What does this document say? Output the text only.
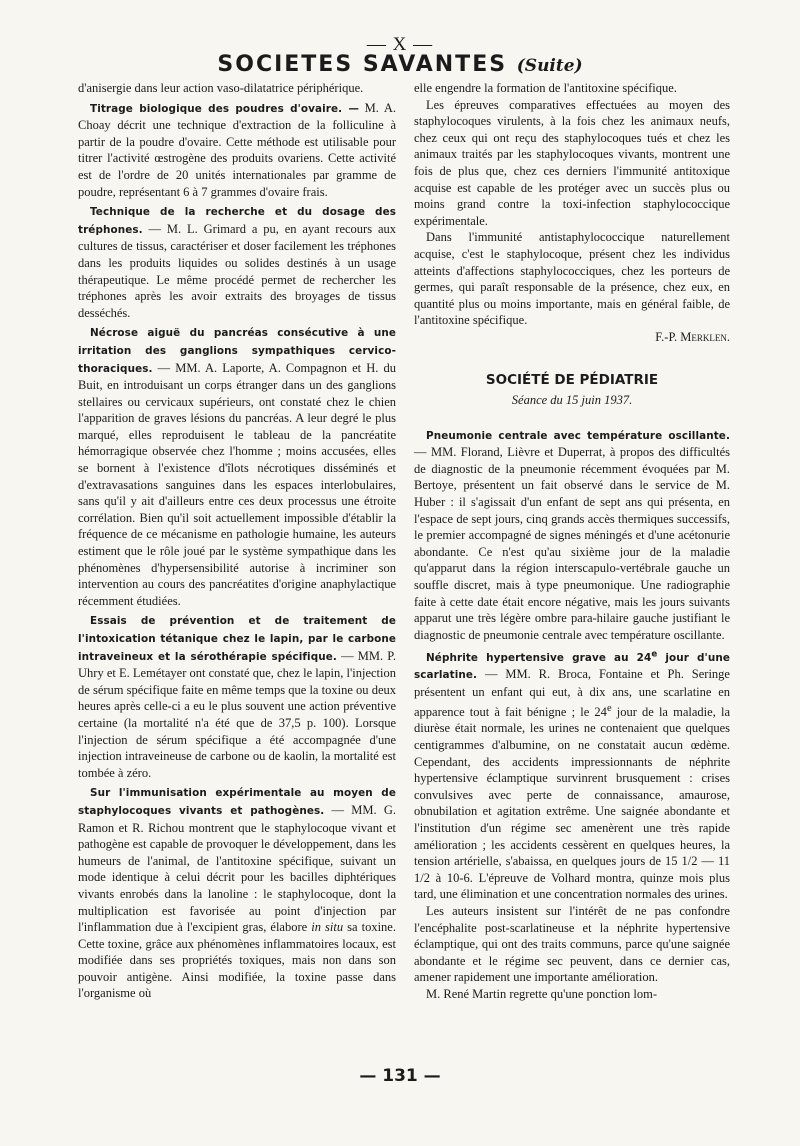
— X —
SOCIETES SAVANTES (Suite)

d'anisergie dans leur action vaso-dilatatrice périphérique.

Titrage biologique des poudres d'ovaire. — M. A. Choay décrit une technique d'extraction de la folliculine à partir de la poudre d'ovaire. Cette méthode est utilisable pour titrer l'activité œstrogène des produits ovariens. Cette activité est de l'ordre de 20 unités internationales par gramme de poudre, représentant 6 à 7 grammes d'ovaire frais.

Technique de la recherche et du dosage des tréphones. — M. L. Grimard a pu, en ayant recours aux cultures de tissus, caractériser et doser facilement les tréphones dans les produits liquides ou solides destinés à un usage thérapeutique. Le même procédé permet de rechercher les tréphones après les avoir extraits des broyages de tissus desséchés.

Nécrose aiguë du pancréas consécutive à une irritation des ganglions sympathiques cervico-thoraciques. — MM. A. Laporte, A. Compagnon et H. du Buit, en introduisant un corps étranger dans un des ganglions stellaires ou cervicaux supérieurs, ont constaté chez le chien l'apparition de graves lésions du pancréas. A leur degré le plus marqué, elles reproduisent le tableau de la pancréatite hémorragique observée chez l'homme ; moins accusées, elles se bornent à l'existence d'îlots nécrotiques disséminés et d'extravasations sanguines dans les espaces interlobulaires, sans qu'il y ait d'ailleurs entre ces deux processus une étroite corrélation. Bien qu'il soit actuellement impossible d'établir la fréquence de ce mécanisme en pathologie humaine, les auteurs estiment que le rôle joué par le système sympathique dans les phénomènes d'hypersensibilité autorise à incriminer son intervention au cours des pancréatites d'origine anaphylactique récemment étudiées.

Essais de prévention et de traitement de l'intoxication tétanique chez le lapin, par le carbone intraveineux et la sérothérapie spécifique. — MM. P. Uhry et E. Lemétayer ont constaté que, chez le lapin, l'injection de sérum spécifique faite en même temps que la toxine ou deux heures après celle-ci a eu le plus souvent une action préventive certaine (la mortalité n'a été que de 37,5 p. 100). Lorsque l'injection de sérum spécifique a été accompagnée d'une injection intraveineuse de carbone ou de kaolin, la mortalité est tombée à zéro.

Sur l'immunisation expérimentale au moyen de staphylocoques vivants et pathogènes. — MM. G. Ramon et R. Richou montrent que le staphylocoque vivant et pathogène est capable de provoquer le développement, dans les humeurs de l'animal, de l'antitoxine spécifique, suivant un mode identique à celui décrit pour les bacilles diphtériques vivants enrobés dans la lanoline : le staphylocoque, dont la multiplication est favorisée au point d'injection par l'inflammation due à l'excipient gras, élabore in situ sa toxine. Cette toxine, grâce aux phénomènes inflammatoires locaux, est modifiée dans ses propriétés toxiques, mais non dans son pouvoir antigène. Ainsi modifiée, la toxine passe dans l'organisme où

elle engendre la formation de l'antitoxine spécifique.

Les épreuves comparatives effectuées au moyen des staphylocoques virulents, à la fois chez les animaux neufs, chez ceux qui ont reçu des staphylocoques tués et chez les animaux traités par les staphylocoques vivants, montrent une fois de plus que, chez ces derniers l'immunité antitoxique acquise est capable de les protéger avec un succès plus ou moins grand contre la toxi-infection staphylococcique expérimentale.

Dans l'immunité antistaphylococcique naturellement acquise, c'est le staphylocoque, présent chez les individus atteints d'affections staphylococciques, chez les porteurs de germes, qui paraît responsable de la présence, chez eux, en quantité plus ou moins importante, mais en général faible, de l'antitoxine spécifique.

F.-P. Merklen.

SOCIÉTÉ DE PÉDIATRIE
Séance du 15 juin 1937.

Pneumonie centrale avec température oscillante. — MM. Florand, Lièvre et Duperrat, à propos des difficultés de diagnostic de la pneumonie récemment évoquées par M. Bertoye, présentent un fait observé dans le service de M. Huber : il s'agissait d'un enfant de sept ans qui présenta, en l'espace de sept jours, cinq grands accès thermiques successifs, le premier accompagné de signes méningés et d'une acétonurie abondante. Ce n'est qu'au sixième jour de la maladie qu'apparut dans la région interscapulo-vertébrale gauche un souffle discret, mais à type pneumonique. Une radiographie faite à cette date était encore négative, mais les jours suivants apparut une très légère ombre para-hilaire gauche justifiant le diagnostic de pneumonie centrale avec température oscillante.

Néphrite hypertensive grave au 24e jour d'une scarlatine. — MM. R. Broca, Fontaine et Ph. Seringe présentent un enfant qui eut, à dix ans, une scarlatine en apparence tout à fait bénigne ; le 24e jour de la maladie, la diurèse était normale, les urines ne contenaient que quelques centigrammes d'albumine, on ne constatait aucun œdème. Cependant, des accidents impressionnants de néphrite hypertensive éclamptique survinrent brusquement : crises convulsives avec perte de connaissance, amaurose, obnubilation et agitation extrême. Une saignée abondante et l'institution d'un régime sec amenèrent une très rapide amélioration ; les accidents cessèrent en quelques heures, la tension artérielle, s'abaissa, en quelques jours de 15 1/2 — 11 1/2 à 10-6. L'épreuve de Volhard montra, quinze mois plus tard, une élimination et une concentration normales des urines.

Les auteurs insistent sur l'intérêt de ne pas confondre l'encéphalite post-scarlatineuse et la néphrite hypertensive éclamptique, qui ont des traits communs, parce qu'une saignée abondante et le régime sec peuvent, dans ce dernier cas, amener rapidement une importante amélioration.

M. René Martin regrette qu'une ponction lom-

— 131 —
